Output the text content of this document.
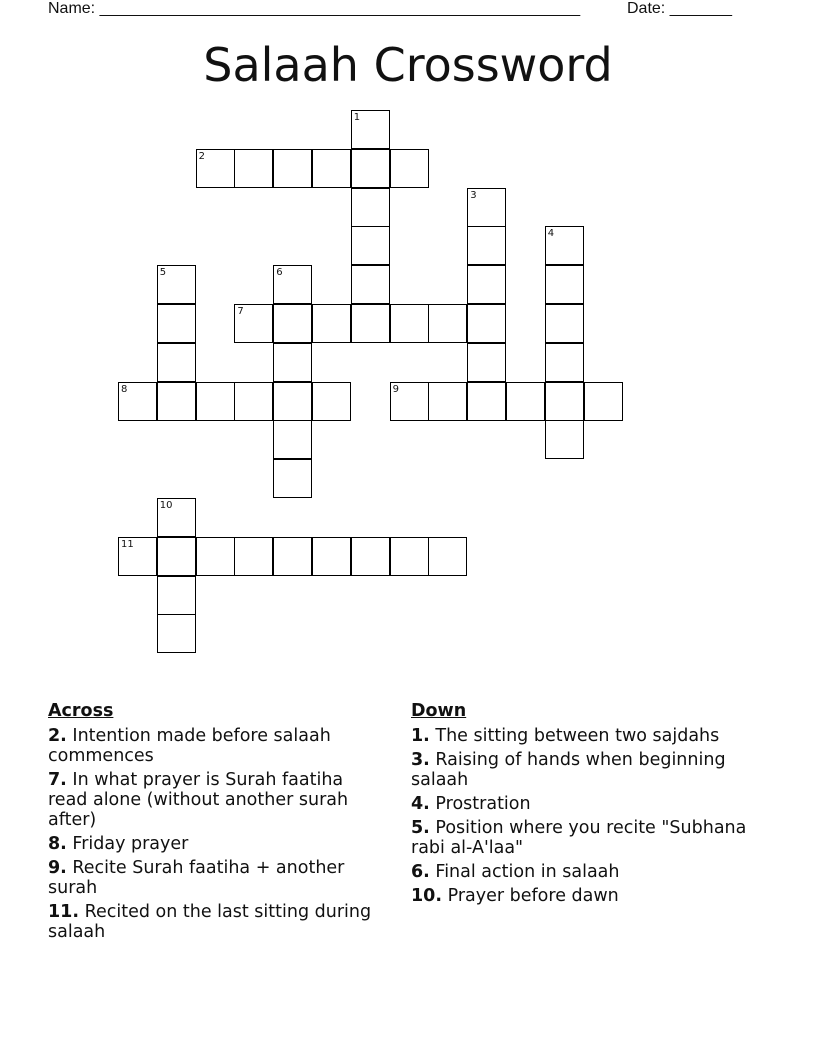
Name: ______________________________________________________	Date: _______
Salaah Crossword
1
2
3
4
5	6
7
8	9
10
11
Across
2. Intention made before salaah commences
7. In what prayer is Surah faatiha read alone (without another surah after)
8. Friday prayer
9. Recite Surah faatiha + another surah
11. Recited on the last sitting during salaah
Down
1. The sitting between two sajdahs
3. Raising of hands when beginning salaah
4. Prostration
5. Position where you recite "Subhana rabi al-A'laa"
6. Final action in salaah
10. Prayer before dawn
